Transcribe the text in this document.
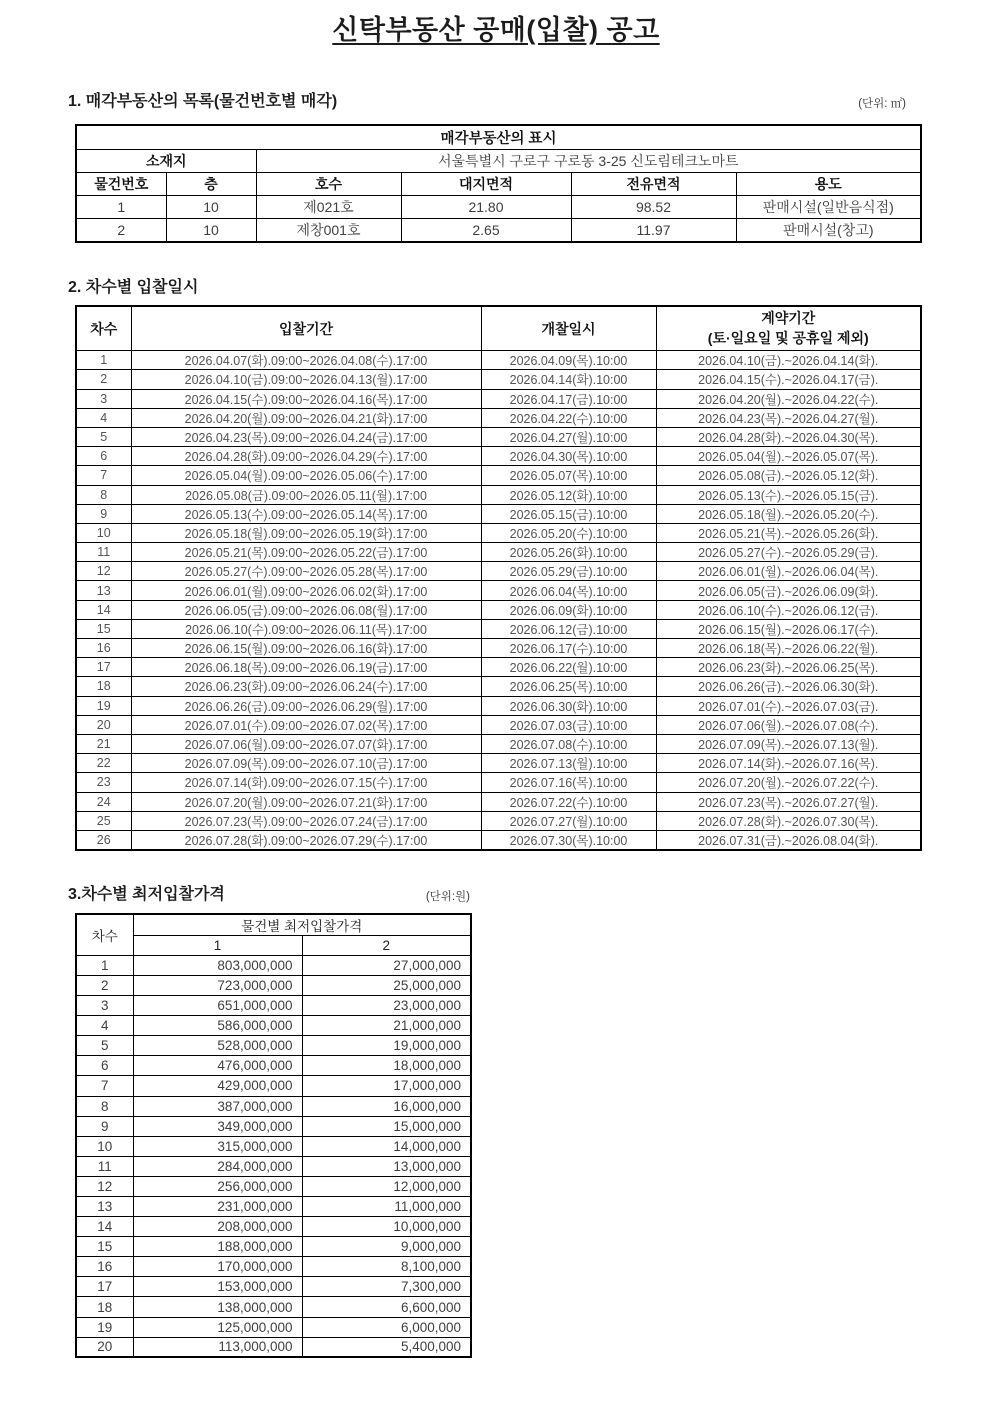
신탁부동산 공매(입찰) 공고
1. 매각부동산의 목록(물건번호별 매각)	(단위: ㎡)
매각부동산의 표시					
소재지		서울특별시 구로구 구로동 3-25 신도림테크노마트			
물건번호	층	호수	대지면적	전유면적	용도
1	10	제021호	21.80	98.52	판매시설(일반음식점)
2	10	제창001호	2.65	11.97	판매시설(창고)
2. 차수별 입찰일시
차수	입찰기간	개찰일시	계약기간
(토·일요일 및 공휴일 제외)

1	2026.04.07(화).09:00~2026.04.08(수).17:00	2026.04.09(목).10:00	2026.04.10(금).~2026.04.14(화).
2	2026.04.10(금).09:00~2026.04.13(월).17:00	2026.04.14(화).10:00	2026.04.15(수).~2026.04.17(금).
3	2026.04.15(수).09:00~2026.04.16(목).17:00	2026.04.17(금).10:00	2026.04.20(월).~2026.04.22(수).
4	2026.04.20(월).09:00~2026.04.21(화).17:00	2026.04.22(수).10:00	2026.04.23(목).~2026.04.27(월).
5	2026.04.23(목).09:00~2026.04.24(금).17:00	2026.04.27(월).10:00	2026.04.28(화).~2026.04.30(목).
6	2026.04.28(화).09:00~2026.04.29(수).17:00	2026.04.30(목).10:00	2026.05.04(월).~2026.05.07(목).
7	2026.05.04(월).09:00~2026.05.06(수).17:00	2026.05.07(목).10:00	2026.05.08(금).~2026.05.12(화).
8	2026.05.08(금).09:00~2026.05.11(월).17:00	2026.05.12(화).10:00	2026.05.13(수).~2026.05.15(금).
9	2026.05.13(수).09:00~2026.05.14(목).17:00	2026.05.15(금).10:00	2026.05.18(월).~2026.05.20(수).
10	2026.05.18(월).09:00~2026.05.19(화).17:00	2026.05.20(수).10:00	2026.05.21(목).~2026.05.26(화).
11	2026.05.21(목).09:00~2026.05.22(금).17:00	2026.05.26(화).10:00	2026.05.27(수).~2026.05.29(금).
12	2026.05.27(수).09:00~2026.05.28(목).17:00	2026.05.29(금).10:00	2026.06.01(월).~2026.06.04(목).
13	2026.06.01(월).09:00~2026.06.02(화).17:00	2026.06.04(목).10:00	2026.06.05(금).~2026.06.09(화).
14	2026.06.05(금).09:00~2026.06.08(월).17:00	2026.06.09(화).10:00	2026.06.10(수).~2026.06.12(금).
15	2026.06.10(수).09:00~2026.06.11(목).17:00	2026.06.12(금).10:00	2026.06.15(월).~2026.06.17(수).
16	2026.06.15(월).09:00~2026.06.16(화).17:00	2026.06.17(수).10:00	2026.06.18(목).~2026.06.22(월).
17	2026.06.18(목).09:00~2026.06.19(금).17:00	2026.06.22(월).10:00	2026.06.23(화).~2026.06.25(목).
18	2026.06.23(화).09:00~2026.06.24(수).17:00	2026.06.25(목).10:00	2026.06.26(금).~2026.06.30(화).
19	2026.06.26(금).09:00~2026.06.29(월).17:00	2026.06.30(화).10:00	2026.07.01(수).~2026.07.03(금).
20	2026.07.01(수).09:00~2026.07.02(목).17:00	2026.07.03(금).10:00	2026.07.06(월).~2026.07.08(수).
21	2026.07.06(월).09:00~2026.07.07(화).17:00	2026.07.08(수).10:00	2026.07.09(목).~2026.07.13(월).
22	2026.07.09(목).09:00~2026.07.10(금).17:00	2026.07.13(월).10:00	2026.07.14(화).~2026.07.16(목).
23	2026.07.14(화).09:00~2026.07.15(수).17:00	2026.07.16(목).10:00	2026.07.20(월).~2026.07.22(수).
24	2026.07.20(월).09:00~2026.07.21(화).17:00	2026.07.22(수).10:00	2026.07.23(목).~2026.07.27(월).
25	2026.07.23(목).09:00~2026.07.24(금).17:00	2026.07.27(월).10:00	2026.07.28(화).~2026.07.30(목).
26	2026.07.28(화).09:00~2026.07.29(수).17:00	2026.07.30(목).10:00	2026.07.31(금).~2026.08.04(화).
3.차수별 최저입찰가격	(단위:원)
차수	물건별 최저입찰가격	
	1	2
1	803,000,000	27,000,000
2	723,000,000	25,000,000
3	651,000,000	23,000,000
4	586,000,000	21,000,000
5	528,000,000	19,000,000
6	476,000,000	18,000,000
7	429,000,000	17,000,000
8	387,000,000	16,000,000
9	349,000,000	15,000,000
10	315,000,000	14,000,000
11	284,000,000	13,000,000
12	256,000,000	12,000,000
13	231,000,000	11,000,000
14	208,000,000	10,000,000
15	188,000,000	9,000,000
16	170,000,000	8,100,000
17	153,000,000	7,300,000
18	138,000,000	6,600,000
19	125,000,000	6,000,000
20	113,000,000	5,400,000
